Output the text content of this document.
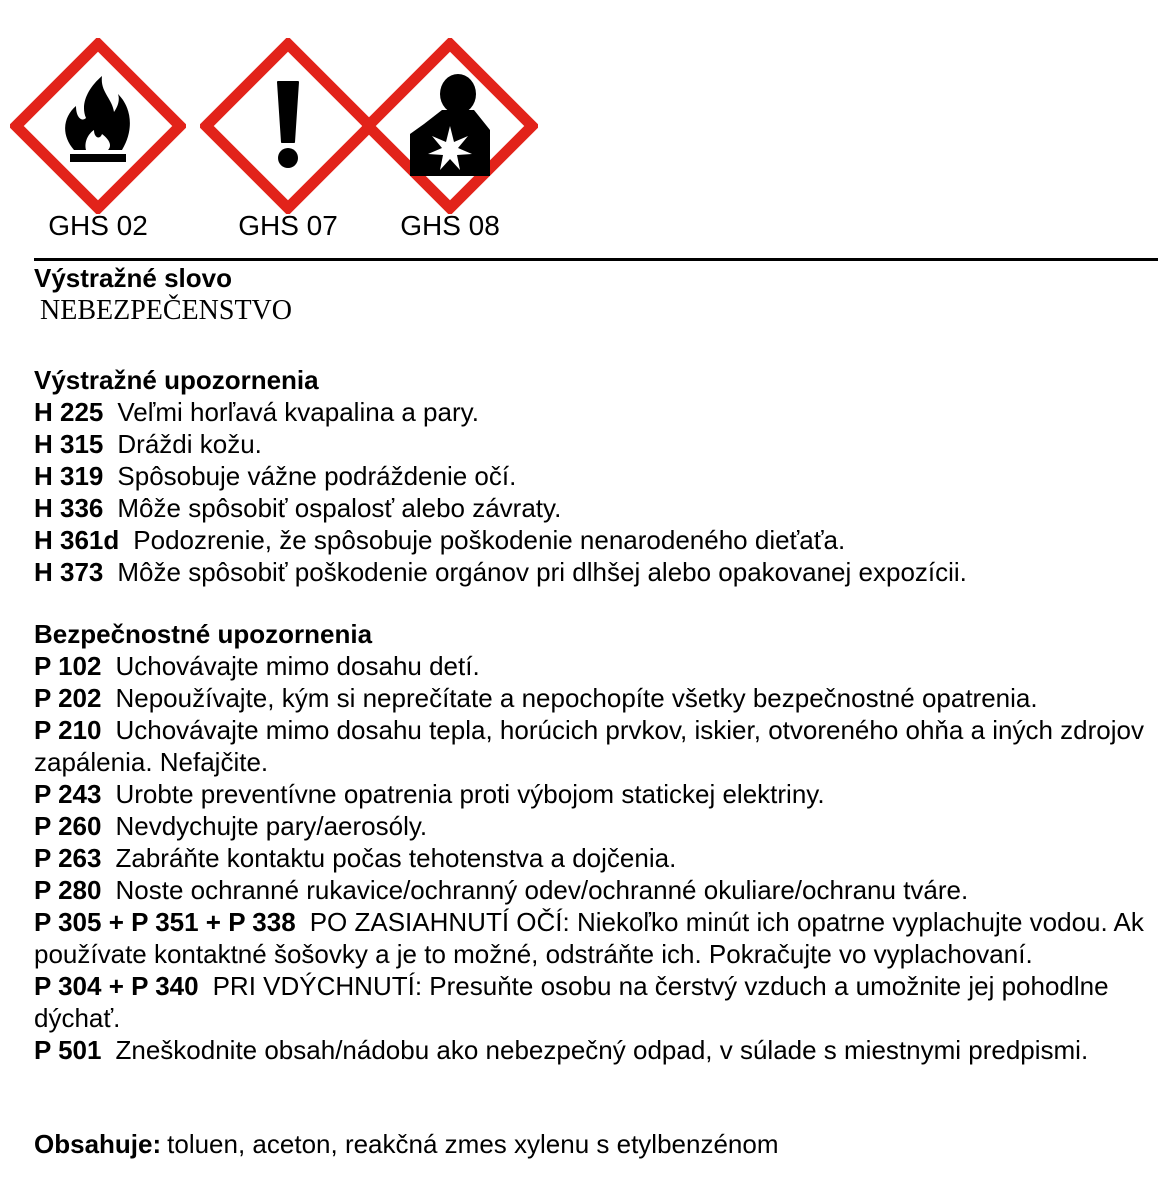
GHS 02	GHS 07	GHS 08
Výstražné slovo
NEBEZPEČENSTVO
Výstražné upozornenia

H 225 Veľmi horľavá kvapalina a pary.

H 315 Dráždi kožu.

H 319 Spôsobuje vážne podráždenie očí.

H 336 Môže spôsobiť ospalosť alebo závraty.

H 361d Podozrenie, že spôsobuje poškodenie nenarodeného dieťaťa.

H 373 Môže spôsobiť poškodenie orgánov pri dlhšej alebo opakovanej expozícii.

Bezpečnostné upozornenia

P 102 Uchovávajte mimo dosahu detí.

P 202 Nepoužívajte, kým si neprečítate a nepochopíte všetky bezpečnostné opatrenia.

P 210 Uchovávajte mimo dosahu tepla, horúcich prvkov, iskier, otvoreného ohňa a iných zdrojov zapálenia. Nefajčite.

P 243 Urobte preventívne opatrenia proti výbojom statickej elektriny.

P 260 Nevdychujte pary/aerosóly.

P 263 Zabráňte kontaktu počas tehotenstva a dojčenia.

P 280 Noste ochranné rukavice/ochranný odev/ochranné okuliare/ochranu tváre.

P 305 + P 351 + P 338 PO ZASIAHNUTÍ OČÍ: Niekoľko minút ich opatrne vyplachujte vodou. Ak používate kontaktné šošovky a je to možné, odstráňte ich. Pokračujte vo vyplachovaní.

P 304 + P 340 PRI VDÝCHNUTÍ: Presuňte osobu na čerstvý vzduch a umožnite jej pohodlne dýchať.

P 501 Zneškodnite obsah/nádobu ako nebezpečný odpad, v súlade s miestnymi predpismi.

Obsahuje: toluen, aceton, reakčná zmes xylenu s etylbenzénom
